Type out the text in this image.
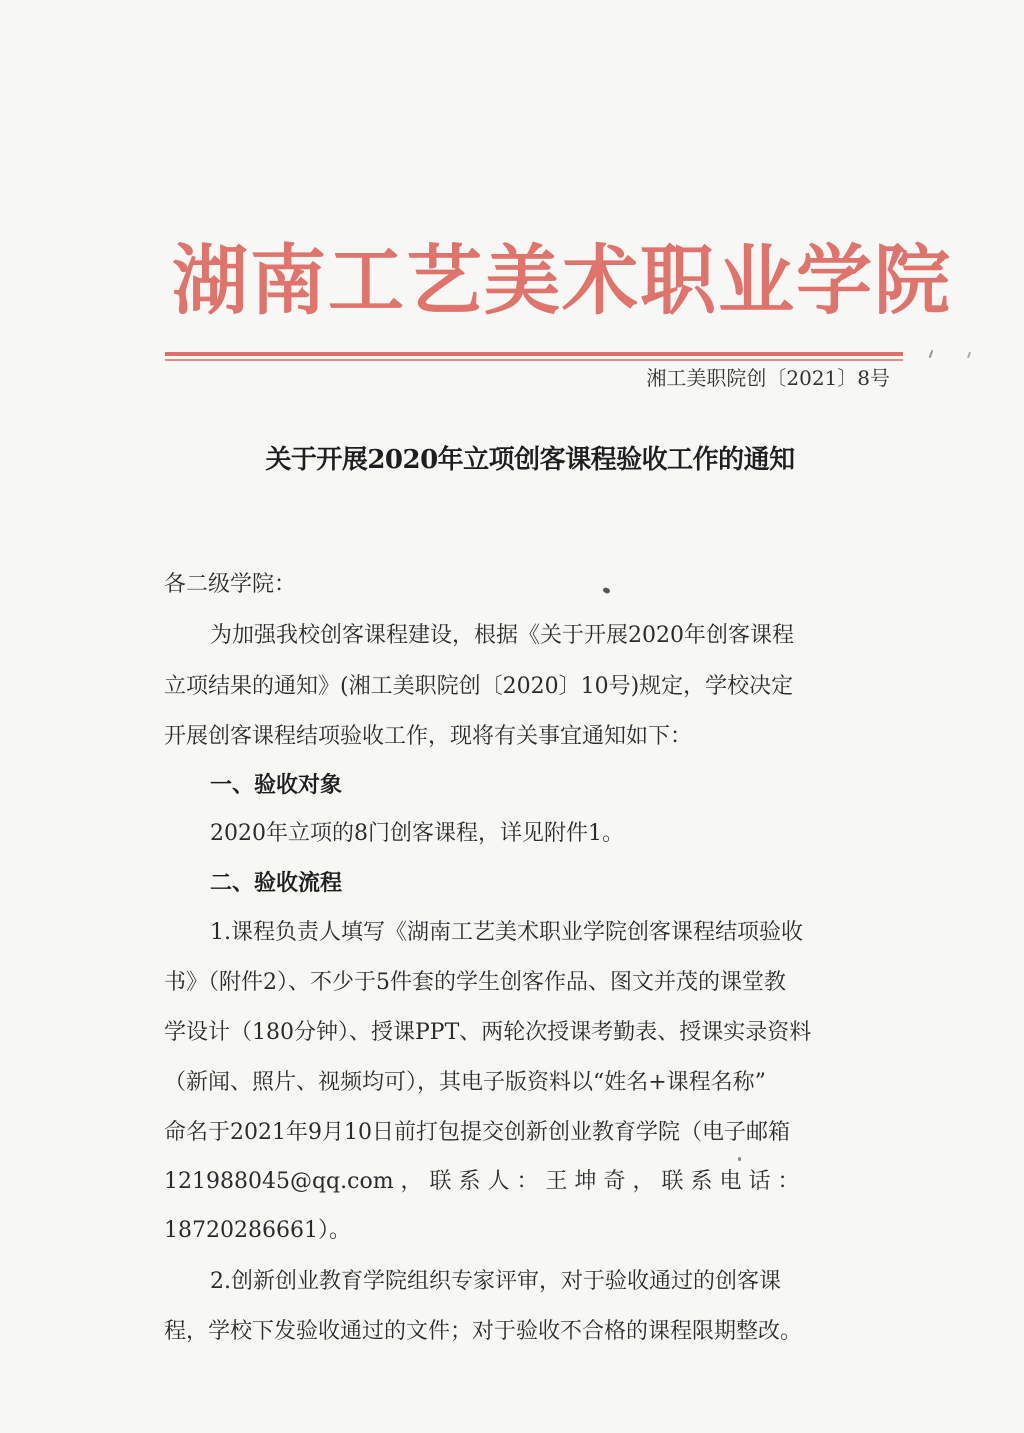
湖南工艺美术职业学院
湘工美职院创〔2021〕8号
关于开展2020年立项创客课程验收工作的通知
各二级学院：
为加强我校创客课程建设，根据《关于开展2020年创客课程
立项结果的通知》(湘工美职院创〔2020〕10号)规定，学校决定
开展创客课程结项验收工作，现将有关事宜通知如下：
一、验收对象
2020年立项的8门创客课程，详见附件1。
二、验收流程
1.课程负责人填写《湖南工艺美术职业学院创客课程结项验收
书》（附件2）、不少于5件套的学生创客作品、图文并茂的课堂教
学设计（180分钟）、授课PPT、两轮次授课考勤表、授课实录资料
（新闻、照片、视频均可），其电子版资料以“姓名+课程名称”
命名于2021年9月10日前打包提交创新创业教育学院（电子邮箱
121988045@qq.com ， 联 系 人 ： 王 坤 奇 ， 联 系 电 话 ：
18720286661）。
2.创新创业教育学院组织专家评审，对于验收通过的创客课
程，学校下发验收通过的文件；对于验收不合格的课程限期整改。
